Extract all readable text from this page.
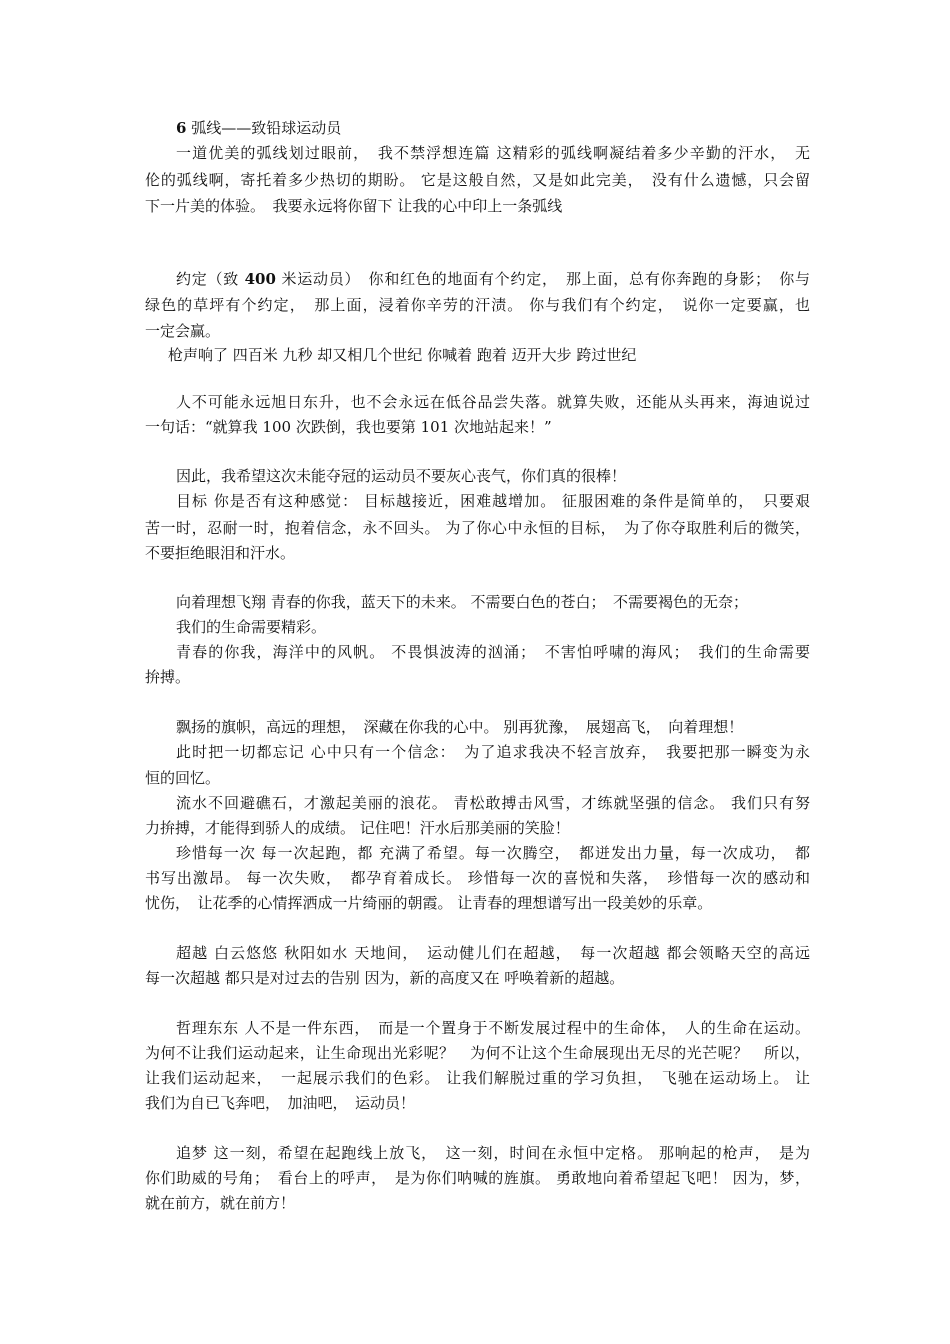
6 弧线——致铅球运动员
一道优美的弧线划过眼前，　我不禁浮想连篇 这精彩的弧线啊凝结着多少辛勤的汗水，　无
伦的弧线啊，寄托着多少热切的期盼。 它是这般自然，又是如此完美，　没有什么遗憾，只会留
下一片美的体验。　我要永远将你留下 让我的心中印上一条弧线
约定（致 400 米运动员）　你和红色的地面有个约定，　那上面，总有你奔跑的身影；　你与
绿色的草坪有个约定，　那上面，浸着你辛劳的汗渍。 你与我们有个约定，　说你一定要赢，也
一定会赢。
枪声响了 四百米 九秒 却又相几个世纪 你喊着 跑着 迈开大步 跨过世纪
人不可能永远旭日东升，也不会永远在低谷品尝失落。就算失败，还能从头再来，海迪说过
一句话：“就算我 100 次跌倒，我也要第 101 次地站起来！”
因此，我希望这次未能夺冠的运动员不要灰心丧气，你们真的很棒！
目标 你是否有这种感觉： 目标越接近，困难越增加。 征服困难的条件是简单的，　只要艰
苦一时，忍耐一时，抱着信念，永不回头。 为了你心中永恒的目标，　为了你夺取胜利后的微笑，
不要拒绝眼泪和汗水。
向着理想飞翔 青春的你我，蓝天下的未来。 不需要白色的苍白；　不需要褐色的无奈；
我们的生命需要精彩。
青春的你我，海洋中的风帆。 不畏惧波涛的汹涌；　不害怕呼啸的海风；　我们的生命需要
拚搏。
飘扬的旗帜，高远的理想，　深藏在你我的心中。 别再犹豫，　展翅高飞，　向着理想！
此时把一切都忘记 心中只有一个信念：　为了追求我决不轻言放弃，　我要把那一瞬变为永
恒的回忆。
流水不回避礁石，才激起美丽的浪花。 青松敢搏击风雪，才练就坚强的信念。 我们只有努
力拚搏，才能得到骄人的成绩。 记住吧！汗水后那美丽的笑脸！
珍惜每一次 每一次起跑，都 充满了希望。每一次腾空，　都迸发出力量，每一次成功，　都
书写出激昂。 每一次失败，　都孕育着成长。 珍惜每一次的喜悦和失落，　珍惜每一次的感动和
忧伤，　让花季的心情挥洒成一片绮丽的朝霞。 让青春的理想谱写出一段美妙的乐章。
超越 白云悠悠 秋阳如水 天地间，　运动健儿们在超越，　每一次超越 都会领略天空的高远
每一次超越 都只是对过去的告别 因为，新的高度又在 呼唤着新的超越。
哲理东东 人不是一件东西，　而是一个置身于不断发展过程中的生命体，　人的生命在运动。
为何不让我们运动起来，让生命现出光彩呢？　为何不让这个生命展现出无尽的光芒呢？　所以，
让我们运动起来，　一起展示我们的色彩。 让我们解脱过重的学习负担，　飞驰在运动场上。 让
我们为自已飞奔吧，　加油吧，　运动员！
追梦 这一刻，希望在起跑线上放飞，　这一刻，时间在永恒中定格。 那响起的枪声，　是为
你们助威的号角；　看台上的呼声，　是为你们呐喊的旌旗。 勇敢地向着希望起飞吧！ 因为，梦，
就在前方，就在前方！
